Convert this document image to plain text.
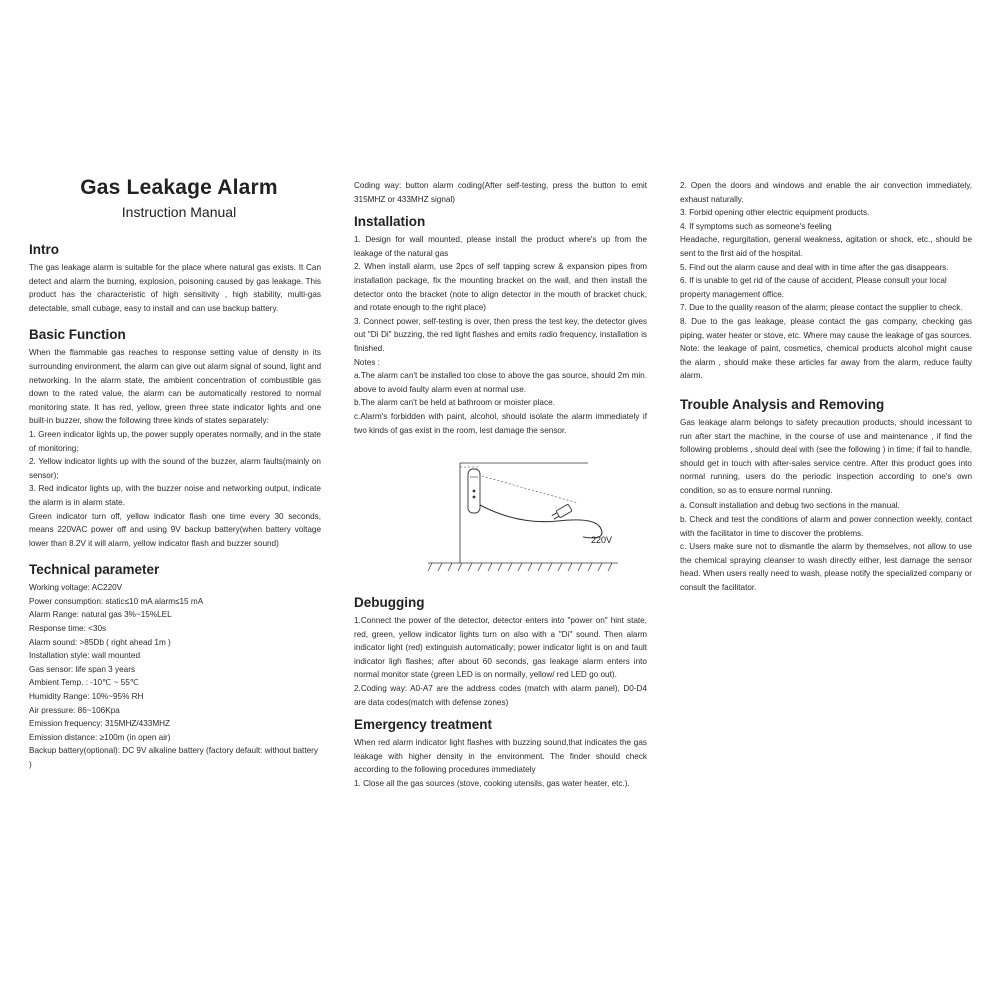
Gas Leakage Alarm
Instruction Manual
Intro

The gas leakage alarm is suitable for the place where natural gas exists. It Can detect and alarm the burning, explosion, poisoning caused by gas leakage. This product has the characteristic of high sensitivity , high stability, multi-gas detectable, small cubage, easy to install and can use backup battery.

Basic Function

When the flammable gas reaches to response setting value of density in its surrounding environment, the alarm can give out alarm signal of sound, light and networking. In the alarm state, the ambient concentration of combustible gas down to the rated value, the alarm can be automatically restored to normal monitoring state. It has red, yellow, green three state indicator lights and one built-in buzzer, show the following three kinds of states separately:

1. Green indicator lights up, the power supply operates normally, and in the state of monitoring;

2. Yellow indicator lights up with the sound of the buzzer, alarm faults(mainly on sensor);

3. Red indicator lights up, with the buzzer noise and networking output, indicate the alarm is in alarm state.

Green indicator turn off, yellow indicator flash one time every 30 seconds, means 220VAC power off and using 9V backup battery(when battery voltage lower than 8.2V it will alarm, yellow indicator flash and buzzer sound)

Technical parameter

Working voltage: AC220V

Power consumption: static≤10 mA alarm≤15 mA

Alarm Range: natural gas 3%~15%LEL

Response time: <30s

Alarm sound: >85Db ( right ahead 1m )

Installation style: wall mounted

Gas sensor: life span 3 years

Ambient Temp. : -10℃ ~ 55℃

Humidity Range: 10%~95% RH

Air pressure: 86~106Kpa

Emission frequency: 315MHZ/433MHZ

Emission distance: ≥100m (in open air)

Backup battery(optional): DC 9V alkaline battery (factory default: without battery )

Coding way: button alarm coding(After self-testing, press the button to emit 315MHZ or 433MHZ signal)

Installation

1. Design for wall mounted, please install the product where's up from the leakage of the natural gas

2. When install alarm, use 2pcs of self tapping screw & expansion pipes from installation package, fix the mounting bracket on the wall, and then install the detector onto the bracket (note to align detector in the mouth of bracket chuck, and rotate enough to the right place)

3. Connect power, self-testing is over, then press the test key, the detector gives out "Di Di" buzzing, the red light flashes and emits radio frequency, installation is finished.

Notes :

a.The alarm can't be installed too close to above the gas source, should 2m min. above to avoid faulty alarm even at normal use.

b.The alarm can't be held at bathroom or moister place.

c.Alarm's forbidden with paint, alcohol, should isolate the alarm immediately if two kinds of gas exist in the room, lest damage the sensor.

220V
Debugging

1.Connect the power of the detector, detector enters into "power on" hint state, red, green, yellow indicator lights turn on also with a "Di" sound. Then alarm indicator light (red) extinguish automatically; power indicator light is on and fault indicator ligh flashes; after about 60 seconds, gas leakage alarm enters into normal monitor state (green LED is on normally, yellow/ red LED go out).

2.Coding way: A0-A7 are the address codes (match with alarm panel), D0-D4 are data codes(match with defense zones)

Emergency treatment

When red alarm indicator light flashes with buzzing sound,that indicates the gas leakage with higher density in the environment. The finder should check according to the following procedures immediately

1. Close all the gas sources (stove, cooking utensils, gas water heater, etc.).

2. Open the doors and windows and enable the air convection immediately, exhaust naturally.

3. Forbid opening other electric equipment products.

4. If symptoms such as someone's feeling

Headache, regurgitation, general weakness, agitation or shock, etc., should be sent to the first aid of the hospital.

5. Find out the alarm cause and deal with in time after the gas disappears.

6. If is unable to get rid of the cause of accident, Please consult your local property management office.

7. Due to the quality reason of the alarm; please contact the supplier to check.

8. Due to the gas leakage, please contact the gas company, checking gas piping, water heater or stove, etc. Where may cause the leakage of gas sources.

Note: the leakage of paint, cosmetics, chemical products alcohol might cause the alarm , should make these articles far away from the alarm, reduce faulty alarm.

Trouble Analysis and Removing

Gas leakage alarm belongs to safety precaution products, should incessant to run after start the machine, in the course of use and maintenance , if find the following problems , should deal with (see the following ) in time; if fail to handle, should get in touch with after-sales service centre. After this product goes into normal running, users do the periodic inspection according to one's own condition, so as to ensure normal running.

a. Consult installation and debug two sections in the manual.

b. Check and test the conditions of alarm and power connection weekly, contact with the facilitator in time to discover the problems.

c. Users make sure not to dismantle the alarm by themselves, not allow to use the chemical spraying cleanser to wash directly either, lest damage the sensor head. When users really need to wash, please notify the specialized company or consult the facilitator.
